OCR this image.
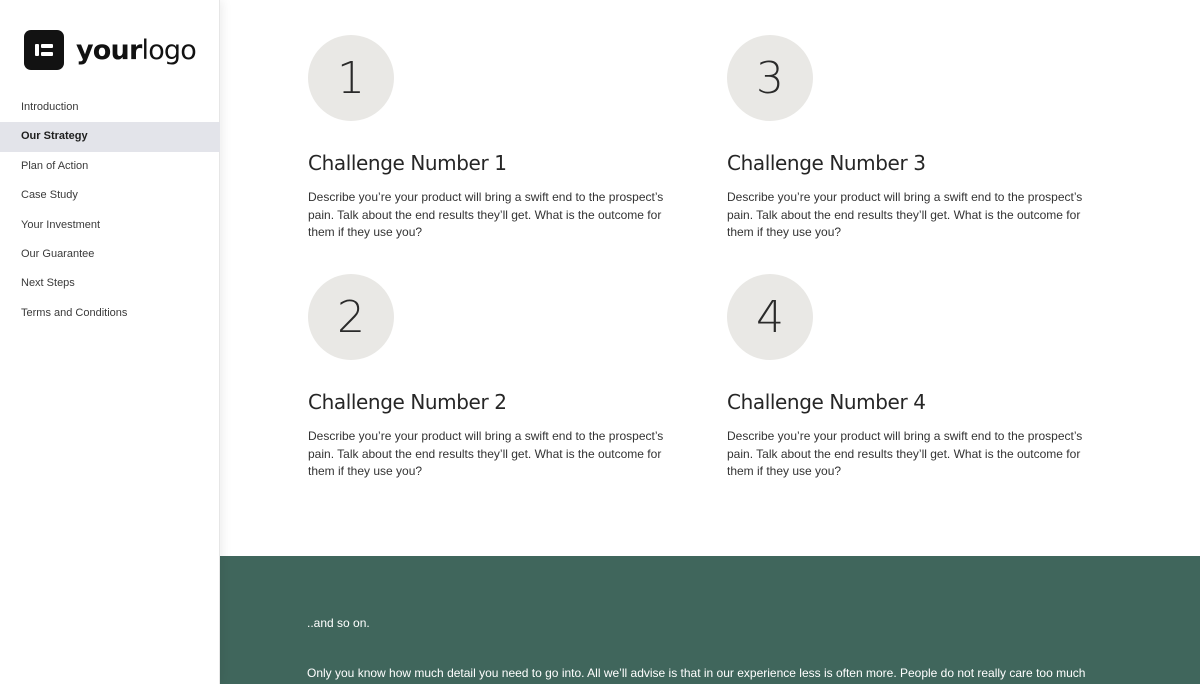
yourlogo
Introduction
Our Strategy
Plan of Action
Case Study
Your Investment
Our Guarantee
Next Steps
Terms and Conditions
1
Challenge Number 1

Describe you’re your product will bring a swift end to the prospect’s pain. Talk about the end results they’ll get. What is the outcome for them if they use you?

3
Challenge Number 3

Describe you’re your product will bring a swift end to the prospect’s pain. Talk about the end results they’ll get. What is the outcome for them if they use you?

2
Challenge Number 2

Describe you’re your product will bring a swift end to the prospect’s pain. Talk about the end results they’ll get. What is the outcome for them if they use you?

4
Challenge Number 4

Describe you’re your product will bring a swift end to the prospect’s pain. Talk about the end results they’ll get. What is the outcome for them if they use you?

..and so on.
Only you know how much detail you need to go into. All we’ll advise is that in our experience less is often more. People do not really care too much
